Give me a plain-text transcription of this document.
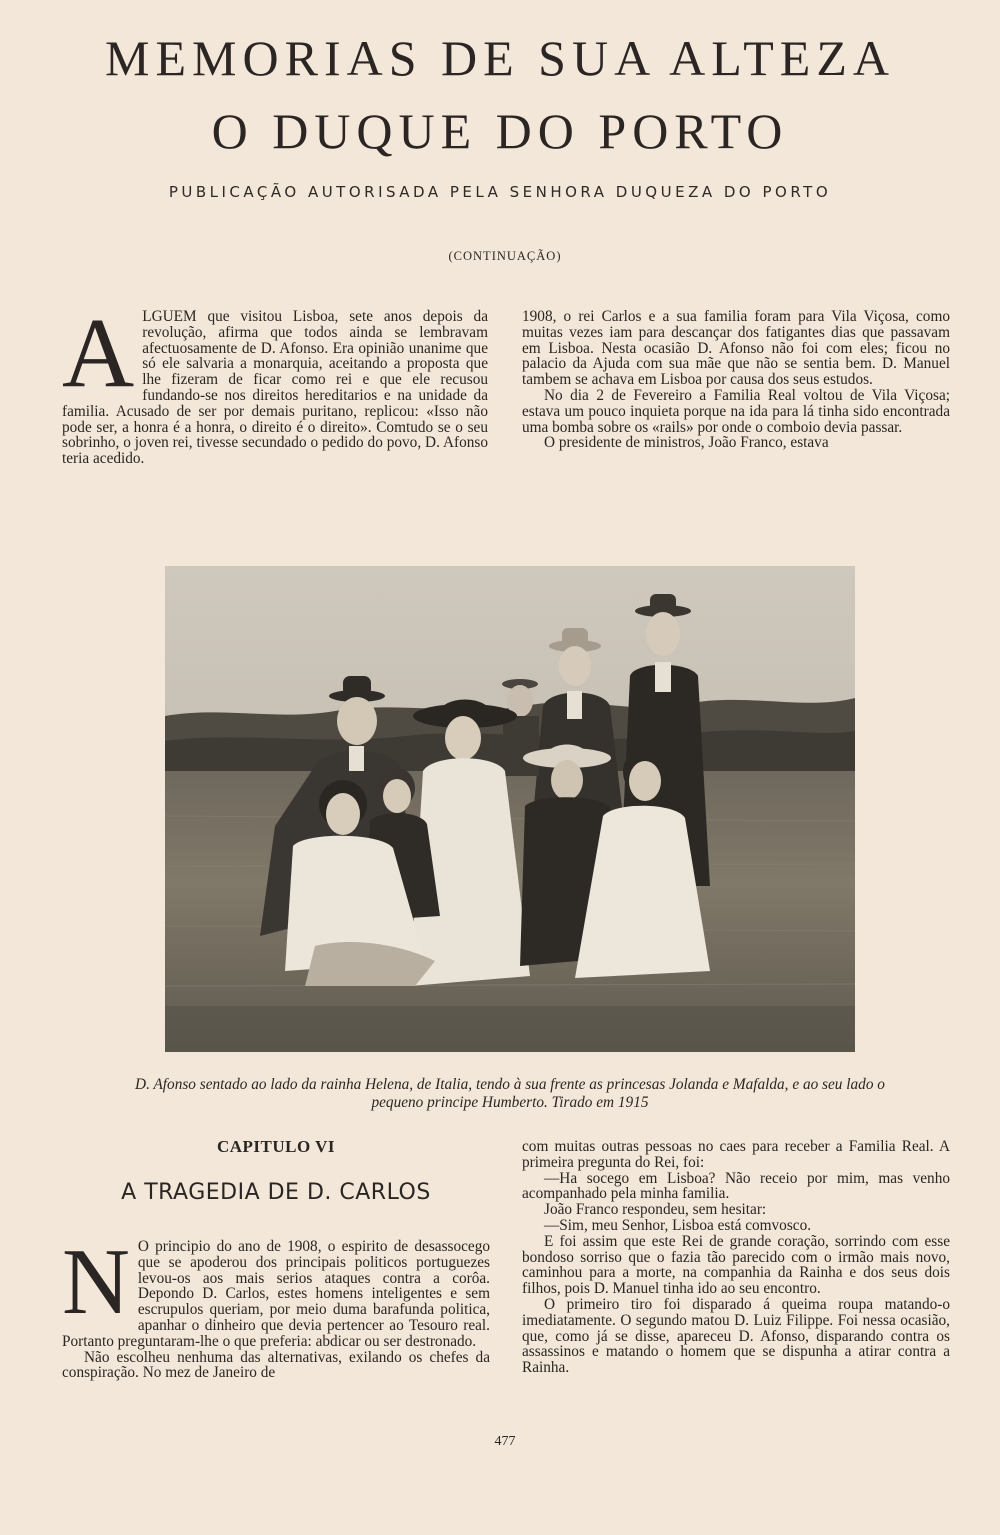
MEMORIAS DE SUA ALTEZA
O DUQUE DO PORTO

PUBLICAÇÃO AUTORISADA PELA SENHORA DUQUEZA DO PORTO

(CONTINUAÇÃO)

A LGUEM que visitou Lisboa, sete anos depois da revolução, afirma que todos ainda se lembravam afectuosamente de D. Afonso. Era opinião unanime que só ele salvaria a monarquia, aceitando a proposta que lhe fizeram de ficar como rei e que ele recusou fundando-se nos direitos hereditarios e na unidade da familia. Acusado de ser por demais puritano, replicou: «Isso não pode ser, a honra é a honra, o direito é o direito». Comtudo se o seu sobrinho, o joven rei, tivesse secundado o pedido do povo, D. Afonso teria acedido.

1908, o rei Carlos e a sua familia foram para Vila Viçosa, como muitas vezes iam para descançar dos fatigantes dias que passavam em Lisboa. Nesta ocasião D. Afonso não foi com eles; ficou no palacio da Ajuda com sua mãe que não se sentia bem. D. Manuel tambem se achava em Lisboa por causa dos seus estudos.

No dia 2 de Fevereiro a Familia Real voltou de Vila Viçosa; estava um pouco inquieta porque na ida para lá tinha sido encontrada uma bomba sobre os «rails» por onde o comboio devia passar.

O presidente de ministros, João Franco, estava

D. Afonso sentado ao lado da rainha Helena, de Italia, tendo à sua frente as princesas Jolanda e Mafalda, e ao seu lado o pequeno principe Humberto. Tirado em 1915

CAPITULO VI
A TRAGEDIA DE D. CARLOS
N O principio do ano de 1908, o espirito de desassocego que se apoderou dos principais politicos portuguezes levou-os aos mais serios ataques contra a corôa. Depondo D. Carlos, estes homens inteligentes e sem escrupulos queriam, por meio duma barafunda politica, apanhar o dinheiro que devia pertencer ao Tesouro real. Portanto preguntaram-lhe o que preferia: abdicar ou ser destronado.

Não escolheu nenhuma das alternativas, exilando os chefes da conspiração. No mez de Janeiro de

com muitas outras pessoas no caes para receber a Familia Real. A primeira pregunta do Rei, foi:

—Ha socego em Lisboa? Não receio por mim, mas venho acompanhado pela minha familia.

João Franco respondeu, sem hesitar:

—Sim, meu Senhor, Lisboa está comvosco.

E foi assim que este Rei de grande coração, sorrindo com esse bondoso sorriso que o fazia tão parecido com o irmão mais novo, caminhou para a morte, na companhia da Rainha e dos seus dois filhos, pois D. Manuel tinha ido ao seu encontro.

O primeiro tiro foi disparado á queima roupa matando-o imediatamente. O segundo matou D. Luiz Filippe. Foi nessa ocasião, que, como já se disse, apareceu D. Afonso, disparando contra os assassinos e matando o homem que se dispunha a atirar contra a Rainha.

477
